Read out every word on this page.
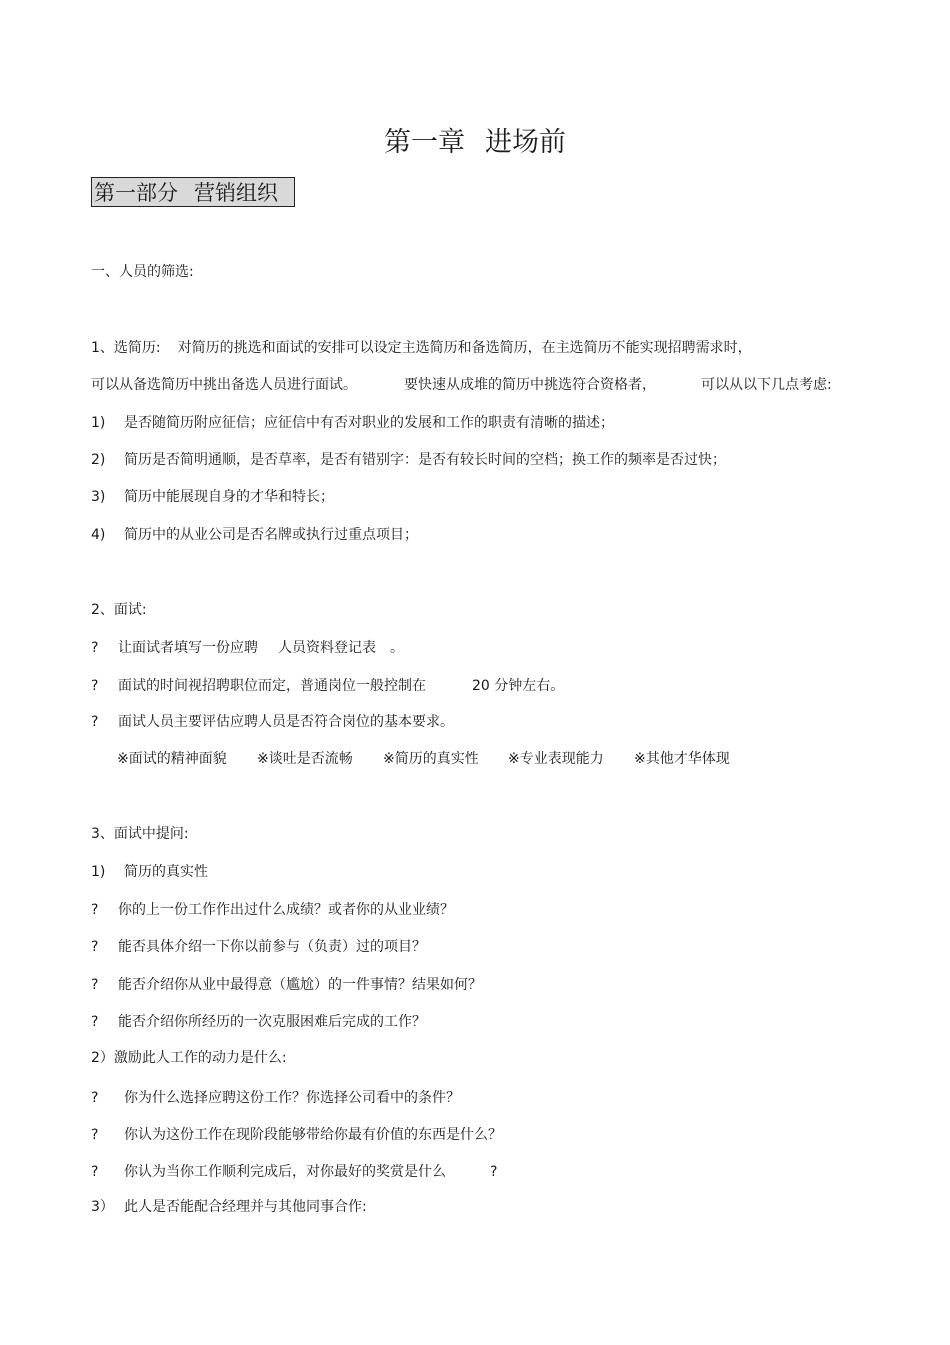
第一章 进场前
第一部分 营销组织
一、人员的筛选:
1、选简历: 对简历的挑选和面试的安排可以设定主选简历和备选简历，在主选简历不能实现招聘需求时，
可以从备选简历中挑出备选人员进行面试。	要快速从成堆的简历中挑选符合资格者，	可以从以下几点考虑:
1) 是否随简历附应征信；应征信中有否对职业的发展和工作的职责有清晰的描述；
2) 简历是否简明通顺，是否草率，是否有错别字：是否有较长时间的空档；换工作的频率是否过快；
3) 简历中能展现自身的才华和特长；
4) 简历中的从业公司是否名牌或执行过重点项目；
2、面试:
? 让面试者填写一份应聘 人员资料登记表 。
? 面试的时间视招聘职位而定，普通岗位一般控制在	20 分钟左右。
? 面试人员主要评估应聘人员是否符合岗位的基本要求。
※面试的精神面貌 ※谈吐是否流畅 ※简历的真实性 ※专业表现能力 ※其他才华体现
3、面试中提问:
1) 简历的真实性
? 你的上一份工作作出过什么成绩？或者你的从业业绩？
? 能否具体介绍一下你以前参与（负责）过的项目？
? 能否介绍你从业中最得意（尴尬）的一件事情？结果如何？
? 能否介绍你所经历的一次克服困难后完成的工作？
2）激励此人工作的动力是什么:
? 你为什么选择应聘这份工作？你选择公司看中的条件？
? 你认为这份工作在现阶段能够带给你最有价值的东西是什么？
? 你认为当你工作顺利完成后，对你最好的奖赏是什么	?
3） 此人是否能配合经理并与其他同事合作:
